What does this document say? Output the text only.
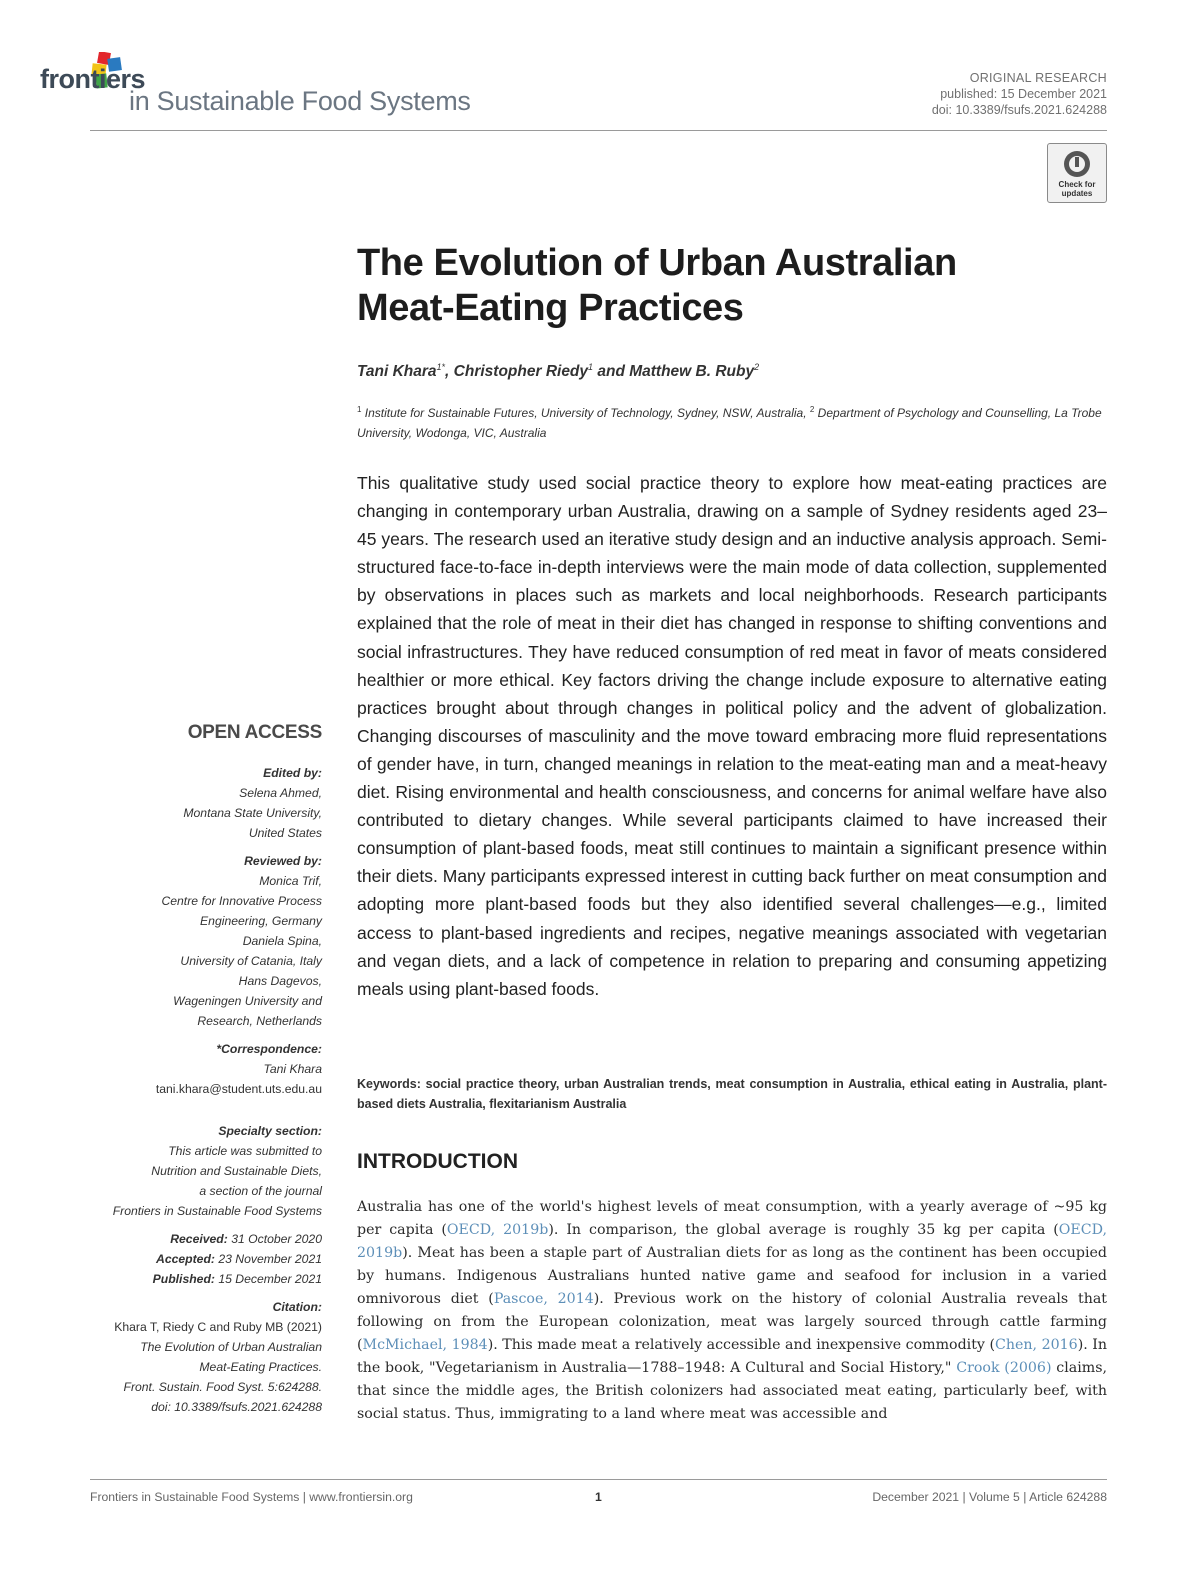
frontiers
in Sustainable Food Systems
ORIGINAL RESEARCH
published: 15 December 2021
doi: 10.3389/fsufs.2021.624288
Check for
updates
The Evolution of Urban Australian
Meat-Eating Practices
Tani Khara$^{1*}$, Christopher Riedy$^1$ and Matthew B. Ruby$^2$
$^1$ Institute for Sustainable Futures, University of Technology, Sydney, NSW, Australia, $^2$ Department of Psychology and Counselling, La Trobe University, Wodonga, VIC, Australia

This qualitative study used social practice theory to explore how meat-eating practices are changing in contemporary urban Australia, drawing on a sample of Sydney residents aged 23–45 years. The research used an iterative study design and an inductive analysis approach. Semi-structured face-to-face in-depth interviews were the main mode of data collection, supplemented by observations in places such as markets and local neighborhoods. Research participants explained that the role of meat in their diet has changed in response to shifting conventions and social infrastructures. They have reduced consumption of red meat in favor of meats considered healthier or more ethical. Key factors driving the change include exposure to alternative eating practices brought about through changes in political policy and the advent of globalization. Changing discourses of masculinity and the move toward embracing more fluid representations of gender have, in turn, changed meanings in relation to the meat-eating man and a meat-heavy diet. Rising environmental and health consciousness, and concerns for animal welfare have also contributed to dietary changes. While several participants claimed to have increased their consumption of plant-based foods, meat still continues to maintain a significant presence within their diets. Many participants expressed interest in cutting back further on meat consumption and adopting more plant-based foods but they also identified several challenges—e.g., limited access to plant-based ingredients and recipes, negative meanings associated with vegetarian and vegan diets, and a lack of competence in relation to preparing and consuming appetizing meals using plant-based foods.

Keywords: social practice theory, urban Australian trends, meat consumption in Australia, ethical eating in Australia, plant-based diets Australia, flexitarianism Australia
INTRODUCTION

Australia has one of the world's highest levels of meat consumption, with a yearly average of ~95 kg per capita (OECD, 2019b). In comparison, the global average is roughly 35 kg per capita (OECD, 2019b). Meat has been a staple part of Australian diets for as long as the continent has been occupied by humans. Indigenous Australians hunted native game and seafood for inclusion in a varied omnivorous diet (Pascoe, 2014). Previous work on the history of colonial Australia reveals that following on from the European colonization, meat was largely sourced through cattle farming (McMichael, 1984). This made meat a relatively accessible and inexpensive commodity (Chen, 2016). In the book, "Vegetarianism in Australia—1788–1948: A Cultural and Social History," Crook (2006) claims, that since the middle ages, the British colonizers had associated meat eating, particularly beef, with social status. Thus, immigrating to a land where meat was accessible and

OPEN ACCESS
Edited by:
Selena Ahmed,
Montana State University,
United States
Reviewed by:
Monica Trif,
Centre for Innovative Process
Engineering, Germany
Daniela Spina,
University of Catania, Italy
Hans Dagevos,
Wageningen University and
Research, Netherlands
*Correspondence:
Tani Khara
tani.khara@student.uts.edu.au
Specialty section:
This article was submitted to
Nutrition and Sustainable Diets,
a section of the journal
Frontiers in Sustainable Food Systems
Received: 31 October 2020
Accepted: 23 November 2021
Published: 15 December 2021
Citation:
Khara T, Riedy C and Ruby MB (2021)
The Evolution of Urban Australian
Meat-Eating Practices.
Front. Sustain. Food Syst. 5:624288.
doi: 10.3389/fsufs.2021.624288
Frontiers in Sustainable Food Systems | www.frontiersin.org	1	December 2021 | Volume 5 | Article 624288
